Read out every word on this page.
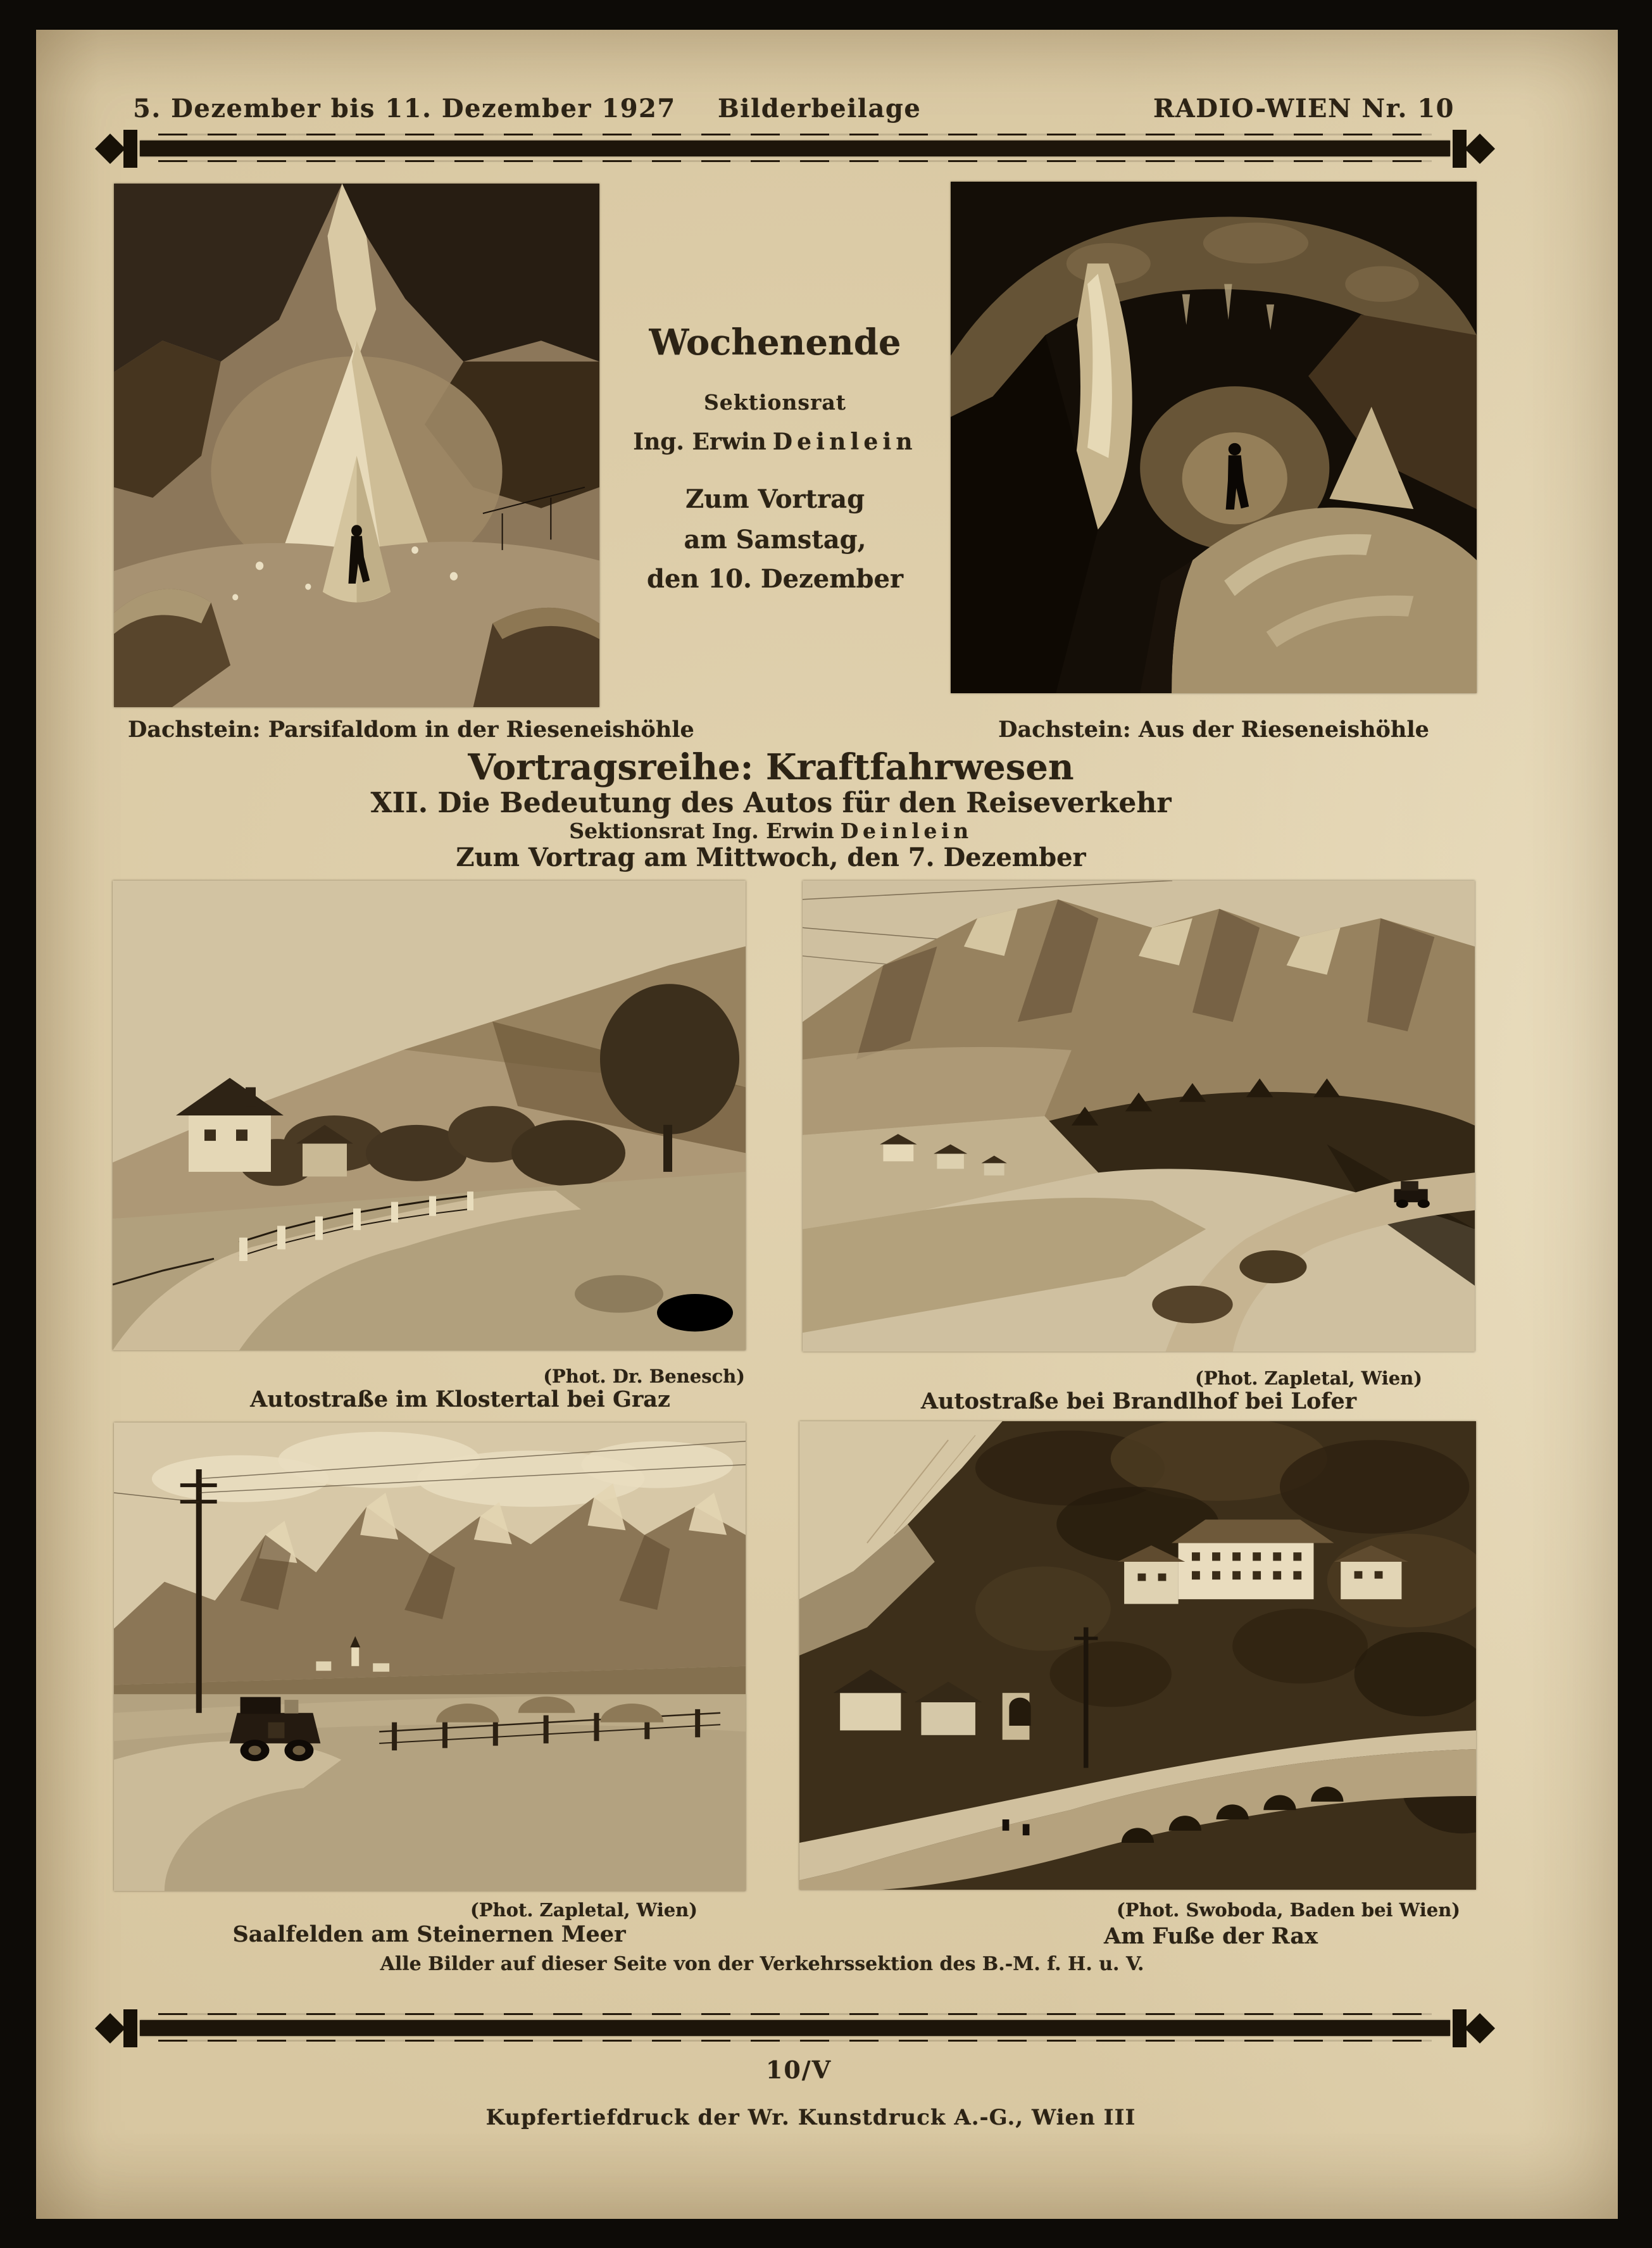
5. Dezember bis 11. Dezember 1927 Bilderbeilage	RADIO-WIEN Nr. 10
Wochenende
Sektionsrat
Ing. Erwin Deinlein
Zum Vortrag
am Samstag,
den 10. Dezember
Dachstein: Parsifaldom in der Rieseneishöhle	Dachstein: Aus der Rieseneishöhle
Vortragsreihe: Kraftfahrwesen
XII. Die Bedeutung des Autos für den Reiseverkehr
Sektionsrat Ing. Erwin Deinlein
Zum Vortrag am Mittwoch, den 7. Dezember
(Phot. Dr. Benesch)
Autostraße im Klostertal bei Graz
(Phot. Zapletal, Wien)
Autostraße bei Brandlhof bei Lofer
(Phot. Zapletal, Wien)
Saalfelden am Steinernen Meer
(Phot. Swoboda, Baden bei Wien)
Am Fuße der Rax
Alle Bilder auf dieser Seite von der Verkehrssektion des B.-M. f. H. u. V.
10/V
Kupfertiefdruck der Wr. Kunstdruck A.-G., Wien III
